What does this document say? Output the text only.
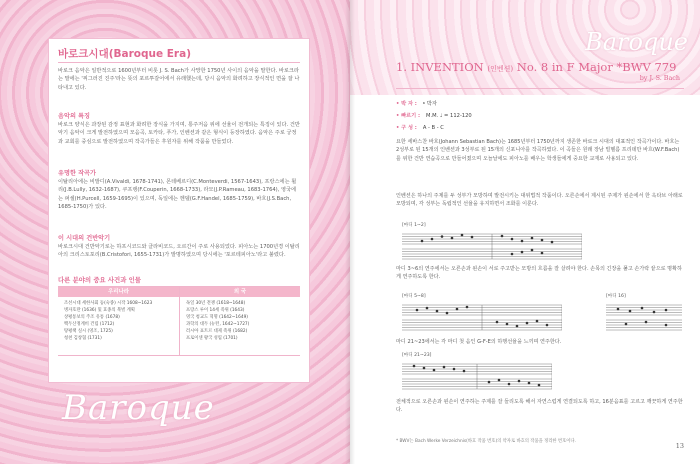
바로크시대(Baroque Era)
바로크 음악은 일반적으로 1600년부터 비롯 J. S. Bach가 사망한 1750년 사이의 음악을 말한다. 바로크라는 말에는 '찌그러진 진주'라는 뜻의 포르투갈어에서 유래했는데, 당시 음악의 화려하고 장식적인 면을 잘 나타내고 있다.
음악의 특징
바로크 양식은 과장된 감정 표현과 화려한 장식을 가지며, 통주저음 위에 선율이 전개되는 특징이 있다. 건반악기 음악이 크게 발전하였으며 모음곡, 토카타, 푸가, 인벤션과 같은 형식이 등장하였다. 음악은 주로 궁정과 교회를 중심으로 발전하였으며 작곡가들은 후원자를 위해 작품을 만들었다.
유명한 작곡가
이탈리아에는 비발디(A.Vivaldi, 1678-1741), 몬테베르디(C.Monteverdi, 1567-1643), 프랑스에는 륄리(J.B.Lully, 1632-1687), 쿠프랭(F.Couperin, 1668-1733), 라모(J.P.Rameau, 1683-1764), 영국에는 퍼셀(H.Purcell, 1659-1695)이 있으며, 독일에는 헨델(G.F.Handel, 1685-1759), 바흐(J.S.Bach, 1685-1750)가 있다.
이 시대의 건반악기
바로크시대 건반악기로는 하프시코드와 클라비코드, 오르간이 주로 사용되었다. 피아노는 1700년경 이탈리아의 크리스토포리(B.Cristofori, 1655-1731)가 발명하였으며 당시에는 '포르테피아노'라고 불렸다.
다른 분야의 중요 사건과 인물
우리나라
조선시대 세한사회 등(숙종) 시작 1608~1623
병자호란 (1636) 및 효종의 북벌 계획
상평통보의 주조 유통 (1678)
백두산정계비 건립 (1712)
탕평책 실시 (영조, 1725)
청천 김창협 (1731)
외 국
독일 30년 전쟁 (1618~1648)
프랑스 루이 14세 즉위 (1643)
영국 청교도 혁명 (1642~1649)
과학의 대두 (뉴턴, 1642~1727)
러시아 표트르 대제 즉위 (1682)
프로이센 왕국 성립 (1701)
Baroque
Baroque
1. INVENTION (인벤션) No. 8 in F Major *BWV 779
by J. S. Bach
• 박 자 : 𝄴 박자
• 빠르기 : M.M. ♩ = 112-120
• 구 성 : A - B - C
요한 세바스찬 바흐(Johann Sebastian Bach)는 1685년부터 1750년까지 생존한 바로크 시대의 대표적인 작곡가이다. 바흐는 2성부로 된 15개의 인벤션과 3성부로 된 15개의 신포니아를 작곡하였다. 이 곡들은 원래 장남 빌헬름 프리데만 바흐(W.F.Bach)를 위한 건반 연습곡으로 만들어졌으며 오늘날에도 피아노를 배우는 학생들에게 중요한 교재로 사용되고 있다.
인벤션은 하나의 주제를 두 성부가 모방하며 발전시키는 대위법적 작품이다. 오른손에서 제시된 주제가 왼손에서 한 옥타브 아래로 모방되며, 각 성부는 독립적인 선율을 유지하면서 조화를 이룬다.
[마디 1~2]
마디 3~6의 연주에서는 오른손과 왼손이 서로 주고받는 모방의 흐름을 잘 살려야 한다. 손목의 긴장을 풀고 손가락 끝으로 명확하게 연주하도록 한다.
[마디 5~8]	[마디 16]
마디 21~23에서는 각 마디 첫 음인 G-F-E의 하행선율을 느끼며 연주한다.
[마디 21~23]
전체적으로 오른손과 왼손이 연주하는 주제를 잘 들리도록 해서 자연스럽게 연결되도록 하고, 16분음표를 고르고 깨끗하게 연주한다.
* BWV는 Bach Werke Verzeichnis(바흐 작품 번호)의 약자로 바흐의 작품을 정리한 번호이다.
13
